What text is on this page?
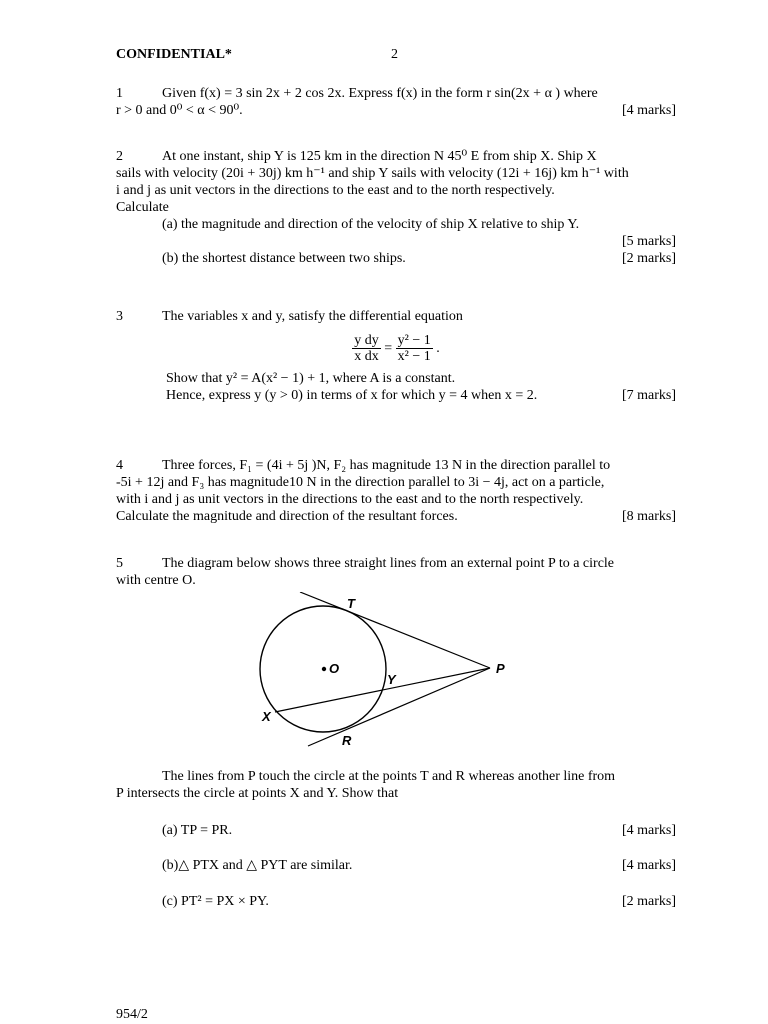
CONFIDENTIAL*	2
1	Given f(x) = 3 sin 2x + 2 cos 2x. Express f(x) in the form r sin(2x + α ) where
r > 0 and 0⁰ < α < 90⁰.	[4 marks]
2	At one instant, ship Y is 125 km in the direction N 45⁰ E from ship X. Ship X
sails with velocity (20i + 30j) km h⁻¹ and ship Y sails with velocity (12i + 16j) km h⁻¹ with
i and j as unit vectors in the directions to the east and to the north respectively.
Calculate
(a) the magnitude and direction of the velocity of ship X relative to ship Y.
[5 marks]
(b) the shortest distance between two ships.	[2 marks]
3	The variables x and y, satisfy the differential equation
$\frac{\text{y dy}}{\text{x dx}} = \frac{\text{y² − 1}}{\text{x² − 1}}$ .
Show that y² = A(x² − 1) + 1, where A is a constant.
Hence, express y (y > 0) in terms of x for which y = 4 when x = 2.	[7 marks]
4	Three forces, F₁ = (4i + 5j )N, F₂ has magnitude 13 N in the direction parallel to
-5i + 12j and F₃ has magnitude10 N in the direction parallel to 3i − 4j, act on a particle,
with i and j as unit vectors in the directions to the east and to the north respectively.
Calculate the magnitude and direction of the resultant forces.	[8 marks]
5	The diagram below shows three straight lines from an external point P to a circle
with centre O.
T
O
Y
P
X
R
The lines from P touch the circle at the points T and R whereas another line from
P intersects the circle at points X and Y. Show that
(a) TP = PR.	[4 marks]
(b)△ PTX and △ PYT are similar.	[4 marks]
(c) PT² = PX × PY.	[2 marks]
954/2
